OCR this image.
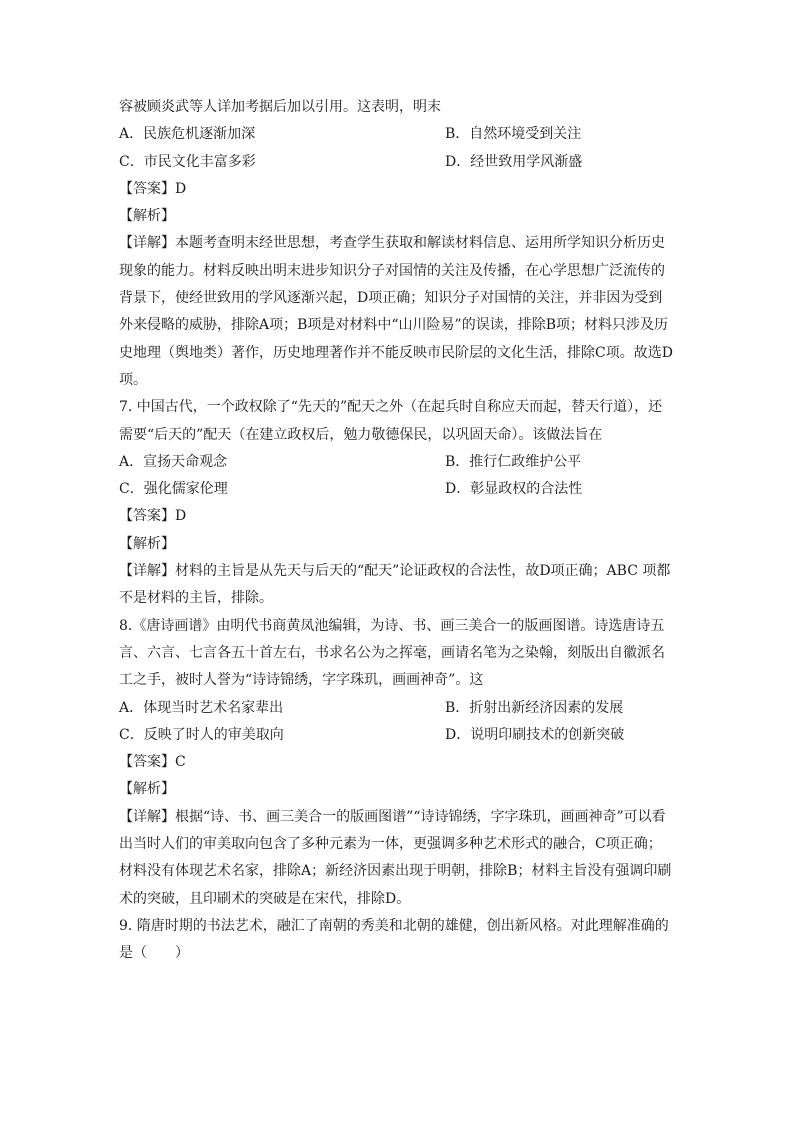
容被顾炎武等人详加考据后加以引用。这表明，明末
A．民族危机逐渐加深	B．自然环境受到关注
C．市民文化丰富多彩	D．经世致用学风渐盛
【答案】D
【解析】
【详解】本题考查明末经世思想，考查学生获取和解读材料信息、运用所学知识分析历史现象的能力。材料反映出明末进步知识分子对国情的关注及传播，在心学思想广泛流传的背景下，使经世致用的学风逐渐兴起，D项正确；知识分子对国情的关注，并非因为受到外来侵略的威胁，排除A项；B项是对材料中“山川险易”的误读，排除B项；材料只涉及历史地理（舆地类）著作，历史地理著作并不能反映市民阶层的文化生活，排除C项。故选D项。
7. 中国古代，一个政权除了“先天的”配天之外（在起兵时自称应天而起，替天行道），还需要“后天的”配天（在建立政权后，勉力敬德保民，以巩固天命）。该做法旨在
A．宣扬天命观念	B．推行仁政维护公平
C．强化儒家伦理	D．彰显政权的合法性
【答案】D
【解析】
【详解】材料的主旨是从先天与后天的“配天”论证政权的合法性，故D项正确；ABC 项都不是材料的主旨，排除。
8.《唐诗画谱》由明代书商黄凤池编辑，为诗、书、画三美合一的版画图谱。诗选唐诗五言、六言、七言各五十首左右，书求名公为之挥毫，画请名笔为之染翰，刻版出自徽派名工之手，被时人誉为“诗诗锦绣，字字珠玑，画画神奇”。这
A．体现当时艺术名家辈出	B．折射出新经济因素的发展
C．反映了时人的审美取向	D．说明印刷技术的创新突破
【答案】C
【解析】
【详解】根据“诗、书、画三美合一的版画图谱”“诗诗锦绣，字字珠玑，画画神奇”可以看出当时人们的审美取向包含了多种元素为一体，更强调多种艺术形式的融合，C项正确；材料没有体现艺术名家，排除A；新经济因素出现于明朝，排除B；材料主旨没有强调印刷术的突破，且印刷术的突破是在宋代，排除D。
9. 隋唐时期的书法艺术，融汇了南朝的秀美和北朝的雄健，创出新风格。对此理解准确的是（　　）
